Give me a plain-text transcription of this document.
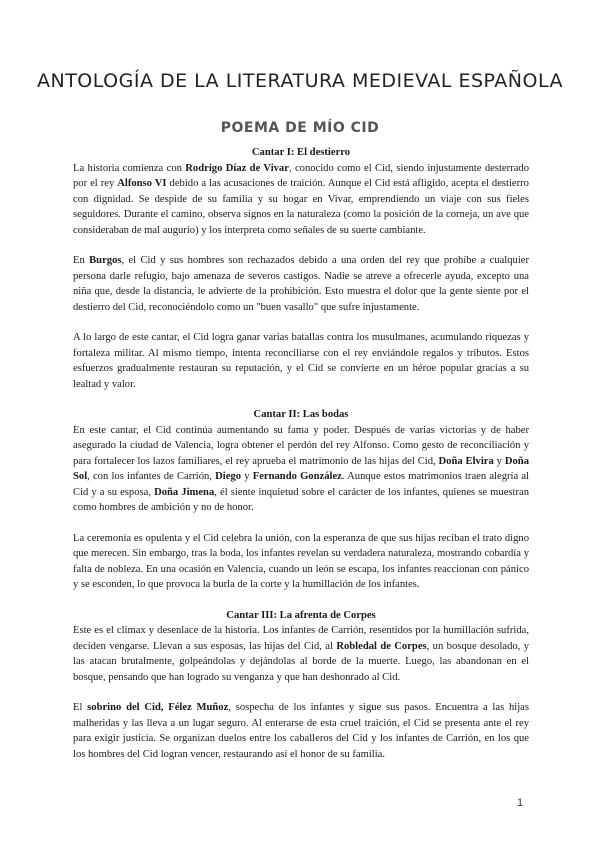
ANTOLOGÍA DE LA LITERATURA MEDIEVAL ESPAÑOLA
POEMA DE MÍO CID

Cantar I: El destierro

La historia comienza con Rodrigo Díaz de Vivar, conocido como el Cid, siendo injustamente desterrado por el rey Alfonso VI debido a las acusaciones de traición. Aunque el Cid está afligido, acepta el destierro con dignidad. Se despide de su familia y su hogar en Vivar, emprendiendo un viaje con sus fieles seguidores. Durante el camino, observa signos en la naturaleza (como la posición de la corneja, un ave que consideraban de mal augurio) y los interpreta como señales de su suerte cambiante.

En Burgos, el Cid y sus hombres son rechazados debido a una orden del rey que prohíbe a cualquier persona darle refugio, bajo amenaza de severos castigos. Nadie se atreve a ofrecerle ayuda, excepto una niña que, desde la distancia, le advierte de la prohibición. Esto muestra el dolor que la gente siente por el destierro del Cid, reconociéndolo como un "buen vasallo" que sufre injustamente.

A lo largo de este cantar, el Cid logra ganar varias batallas contra los musulmanes, acumulando riquezas y fortaleza militar. Al mismo tiempo, intenta reconciliarse con el rey enviándole regalos y tributos. Estos esfuerzos gradualmente restauran su reputación, y el Cid se convierte en un héroe popular gracias a su lealtad y valor.

Cantar II: Las bodas

En este cantar, el Cid continúa aumentando su fama y poder. Después de varias victorias y de haber asegurado la ciudad de Valencia, logra obtener el perdón del rey Alfonso. Como gesto de reconciliación y para fortalecer los lazos familiares, el rey aprueba el matrimonio de las hijas del Cid, Doña Elvira y Doña Sol, con los infantes de Carrión, Diego y Fernando González. Aunque estos matrimonios traen alegría al Cid y a su esposa, Doña Jimena, él siente inquietud sobre el carácter de los infantes, quienes se muestran como hombres de ambición y no de honor.

La ceremonia es opulenta y el Cid celebra la unión, con la esperanza de que sus hijas reciban el trato digno que merecen. Sin embargo, tras la boda, los infantes revelan su verdadera naturaleza, mostrando cobardía y falta de nobleza. En una ocasión en Valencia, cuando un león se escapa, los infantes reaccionan con pánico y se esconden, lo que provoca la burla de la corte y la humillación de los infantes.

Cantar III: La afrenta de Corpes

Este es el clímax y desenlace de la historia. Los infantes de Carrión, resentidos por la humillación sufrida, deciden vengarse. Llevan a sus esposas, las hijas del Cid, al Robledal de Corpes, un bosque desolado, y las atacan brutalmente, golpeándolas y dejándolas al borde de la muerte. Luego, las abandonan en el bosque, pensando que han logrado su venganza y que han deshonrado al Cid.

El sobrino del Cid, Félez Muñoz, sospecha de los infantes y sigue sus pasos. Encuentra a las hijas malheridas y las lleva a un lugar seguro. Al enterarse de esta cruel traición, el Cid se presenta ante el rey para exigir justicia. Se organizan duelos entre los caballeros del Cid y los infantes de Carrión, en los que los hombres del Cid logran vencer, restaurando así el honor de su familia.

1
